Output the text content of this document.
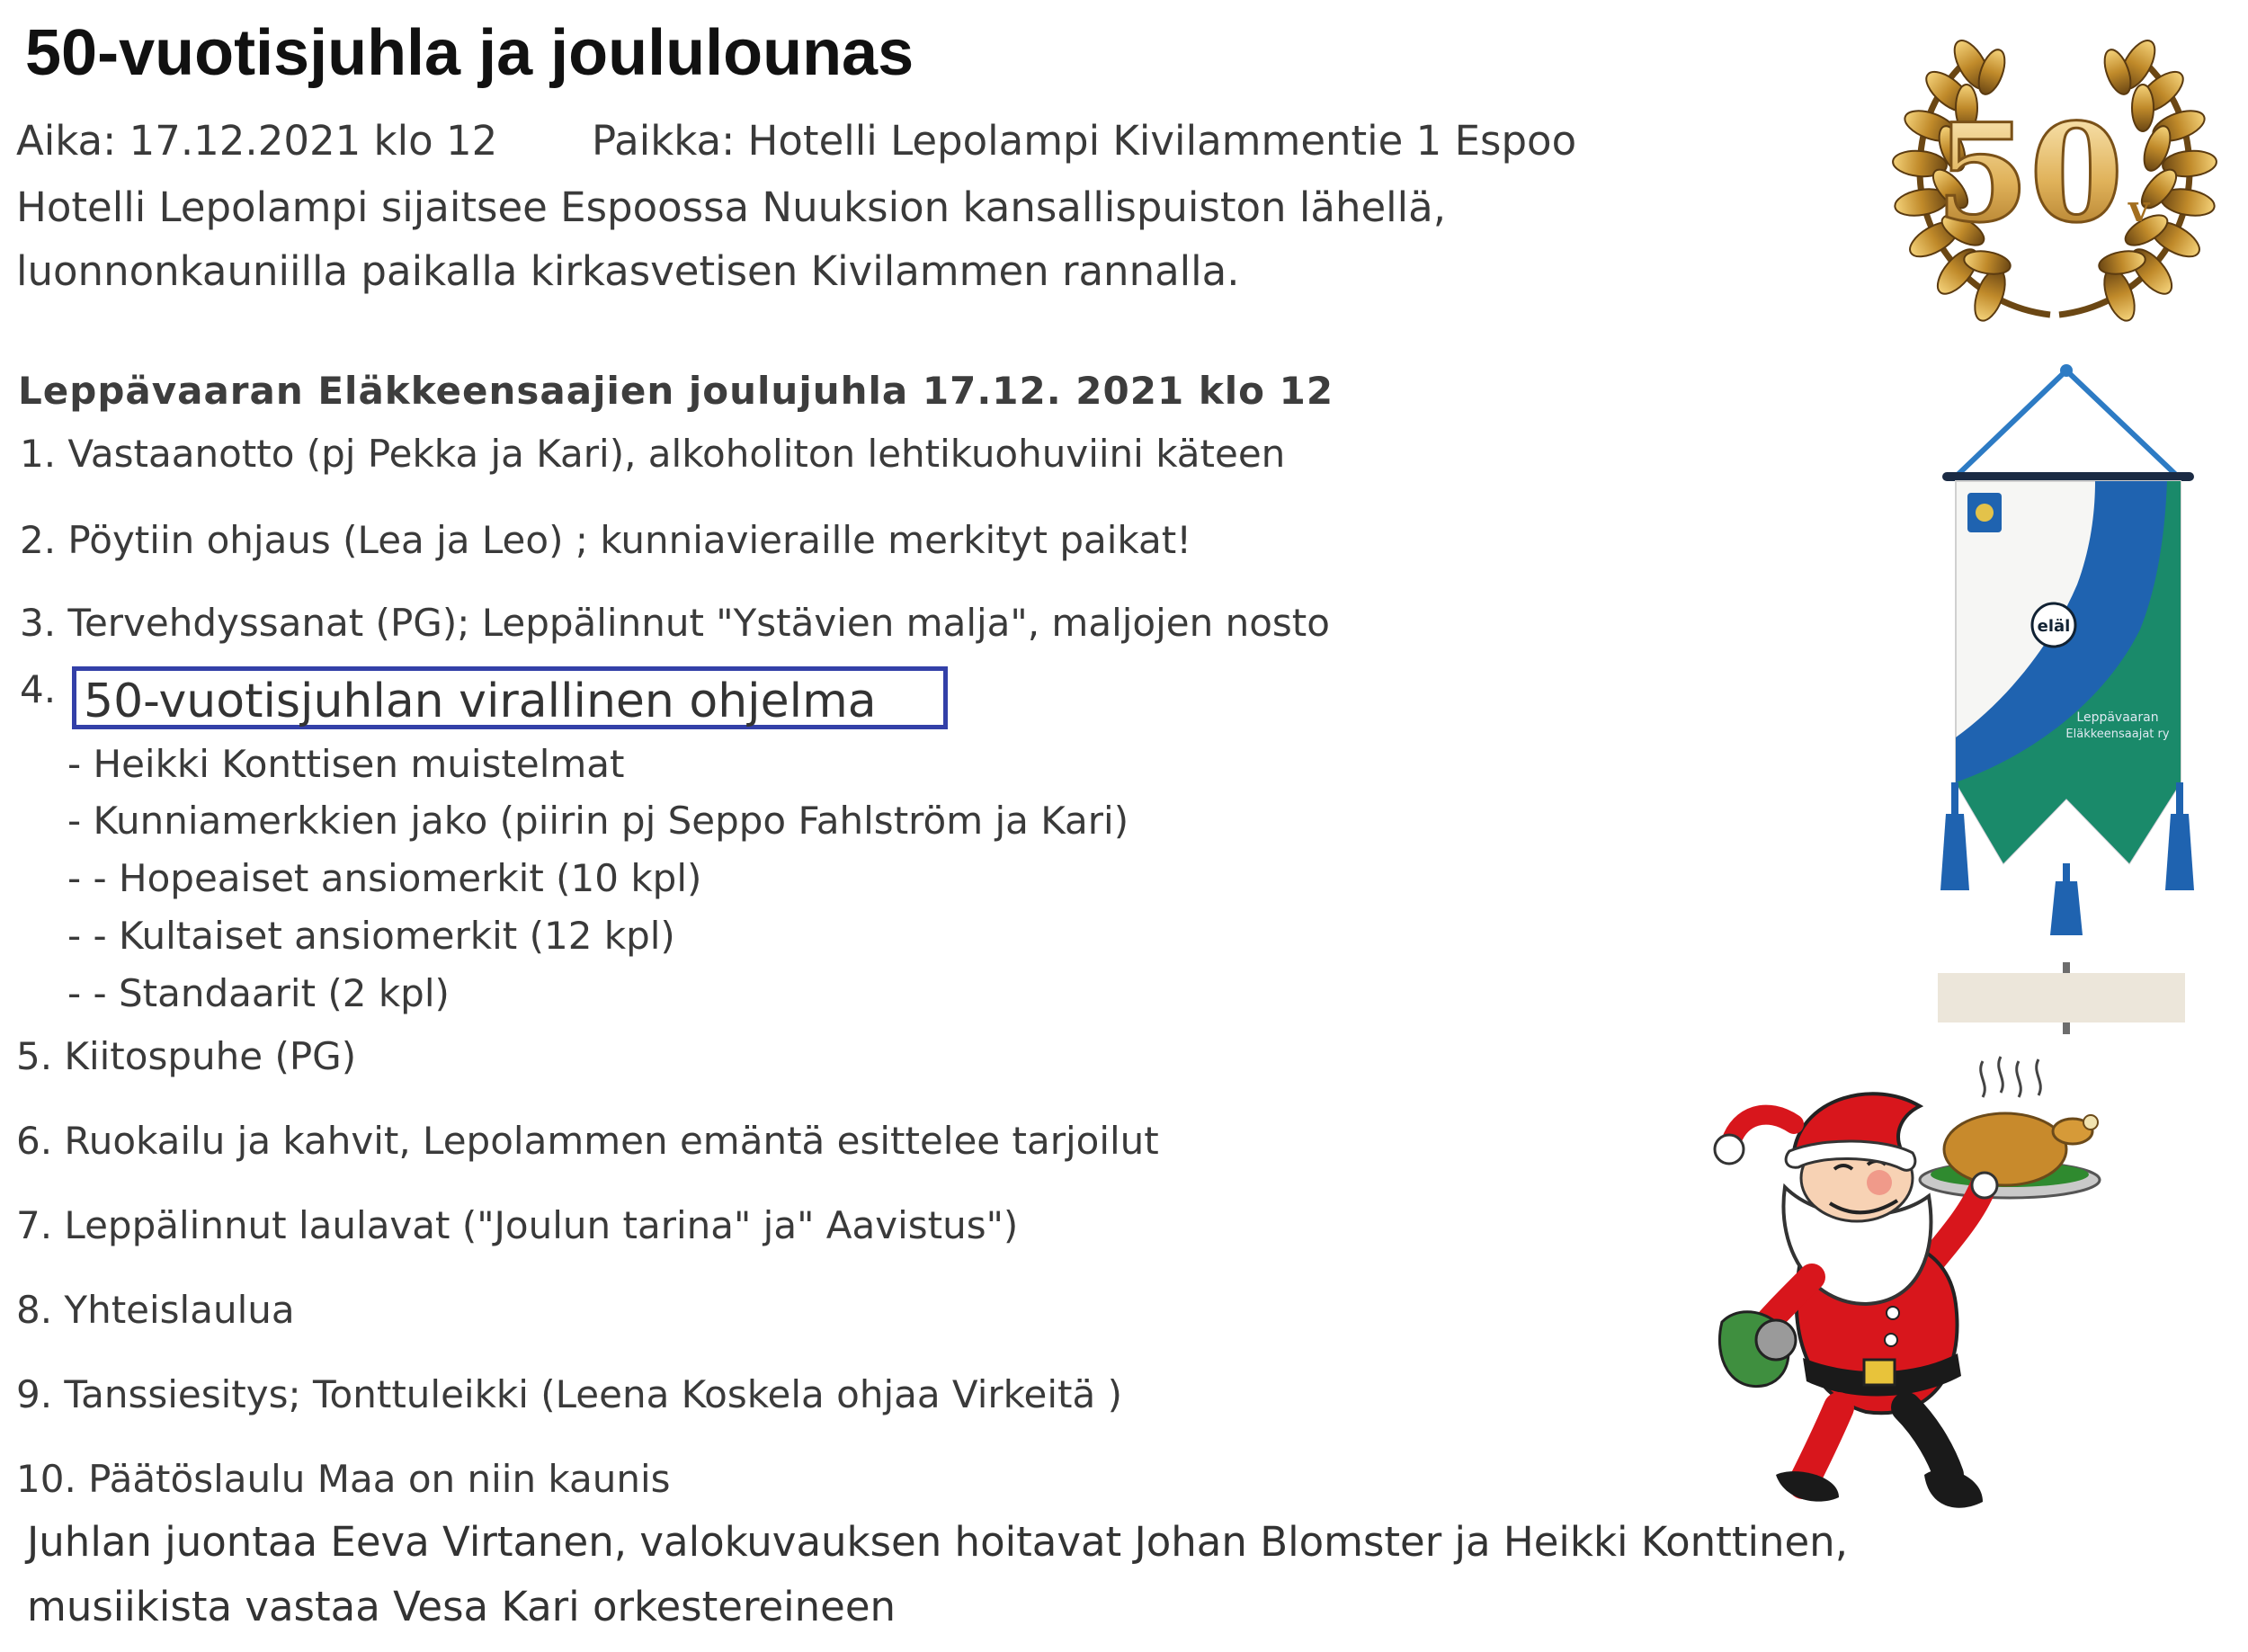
50-vuotisjuhla ja joululounas
Aika: 17.12.2021 klo 12 Paikka: Hotelli Lepolampi Kivilammentie 1 Espoo
Hotelli Lepolampi sijaitsee Espoossa Nuuksion kansallispuiston lähellä,
luonnonkauniilla paikalla kirkasvetisen Kivilammen rannalla.
Leppävaaran Eläkkeensaajien joulujuhla 17.12. 2021 klo 12
1. Vastaanotto (pj Pekka ja Kari), alkoholiton lehtikuohuviini käteen
2. Pöytiin ohjaus (Lea ja Leo) ; kunniavieraille merkityt paikat!
3. Tervehdyssanat (PG); Leppälinnut "Ystävien malja", maljojen nosto
4. 50-vuotisjuhlan virallinen ohjelma
- Heikki Konttisen muistelmat
- Kunniamerkkien jako (piirin pj Seppo Fahlström ja Kari)
- - Hopeaiset ansiomerkit (10 kpl)
- - Kultaiset ansiomerkit (12 kpl)
- - Standaarit (2 kpl)
5. Kiitospuhe (PG)
6. Ruokailu ja kahvit, Lepolammen emäntä esittelee tarjoilut
7. Leppälinnut laulavat ("Joulun tarina" ja" Aavistus")
8. Yhteislaulua
9. Tanssiesitys; Tonttuleikki (Leena Koskela ohjaa Virkeitä )
10. Päätöslaulu Maa on niin kaunis
Juhlan juontaa Eeva Virtanen, valokuvauksen hoitavat Johan Blomster ja Heikki Konttinen,
musiikista vastaa Vesa Kari orkestereineen
50 v
eläl
Leppävaaran
Eläkkeensaajat ry
